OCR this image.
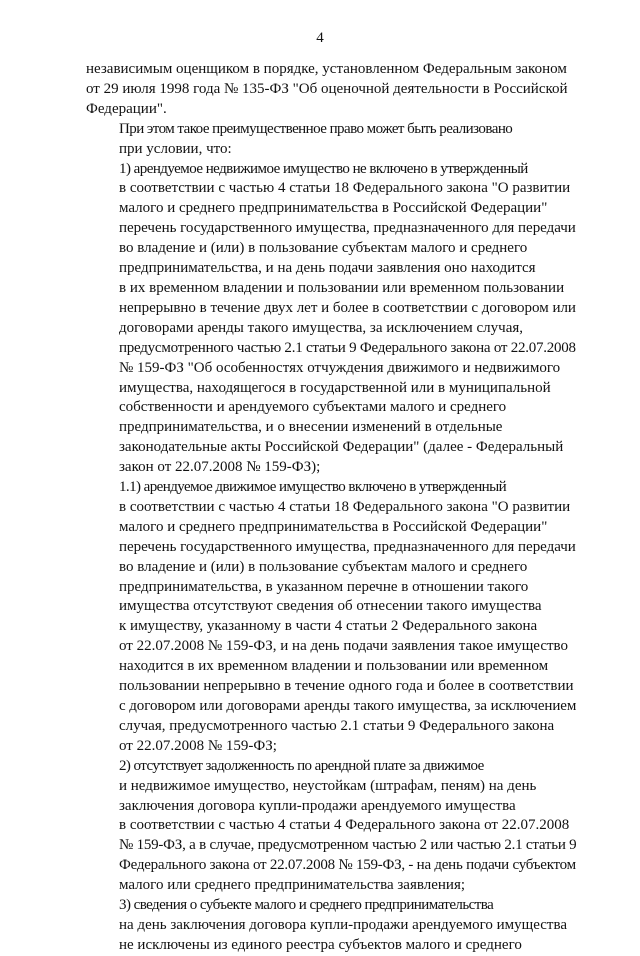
4

независимым оценщиком в порядке, установленном Федеральным законом
от 29 июля 1998 года № 135-ФЗ "Об оценочной деятельности в Российской
Федерации".

При этом такое преимущественное право может быть реализовано
при условии, что:

1) арендуемое недвижимое имущество не включено в утвержденный
в соответствии с частью 4 статьи 18 Федерального закона "О развитии
малого и среднего предпринимательства в Российской Федерации"
перечень государственного имущества, предназначенного для передачи
во владение и (или) в пользование субъектам малого и среднего
предпринимательства, и на день подачи заявления оно находится
в их временном владении и пользовании или временном пользовании
непрерывно в течение двух лет и более в соответствии с договором или
договорами аренды такого имущества, за исключением случая,
предусмотренного частью 2.1 статьи 9 Федерального закона от 22.07.2008
№ 159-ФЗ "Об особенностях отчуждения движимого и недвижимого
имущества, находящегося в государственной или в муниципальной
собственности и арендуемого субъектами малого и среднего
предпринимательства, и о внесении изменений в отдельные
законодательные акты Российской Федерации" (далее - Федеральный
закон от 22.07.2008 № 159-ФЗ);

1.1) арендуемое движимое имущество включено в утвержденный
в соответствии с частью 4 статьи 18 Федерального закона "О развитии
малого и среднего предпринимательства в Российской Федерации"
перечень государственного имущества, предназначенного для передачи
во владение и (или) в пользование субъектам малого и среднего
предпринимательства, в указанном перечне в отношении такого
имущества отсутствуют сведения об отнесении такого имущества
к имуществу, указанному в части 4 статьи 2 Федерального закона
от 22.07.2008 № 159-ФЗ, и на день подачи заявления такое имущество
находится в их временном владении и пользовании или временном
пользовании непрерывно в течение одного года и более в соответствии
с договором или договорами аренды такого имущества, за исключением
случая, предусмотренного частью 2.1 статьи 9 Федерального закона
от 22.07.2008 № 159-ФЗ;

2) отсутствует задолженность по арендной плате за движимое
и недвижимое имущество, неустойкам (штрафам, пеням) на день
заключения договора купли-продажи арендуемого имущества
в соответствии с частью 4 статьи 4 Федерального закона от 22.07.2008
№ 159-ФЗ, а в случае, предусмотренном частью 2 или частью 2.1 статьи 9
Федерального закона от 22.07.2008 № 159-ФЗ, - на день подачи субъектом
малого или среднего предпринимательства заявления;

3) сведения о субъекте малого и среднего предпринимательства
на день заключения договора купли-продажи арендуемого имущества
не исключены из единого реестра субъектов малого и среднего
